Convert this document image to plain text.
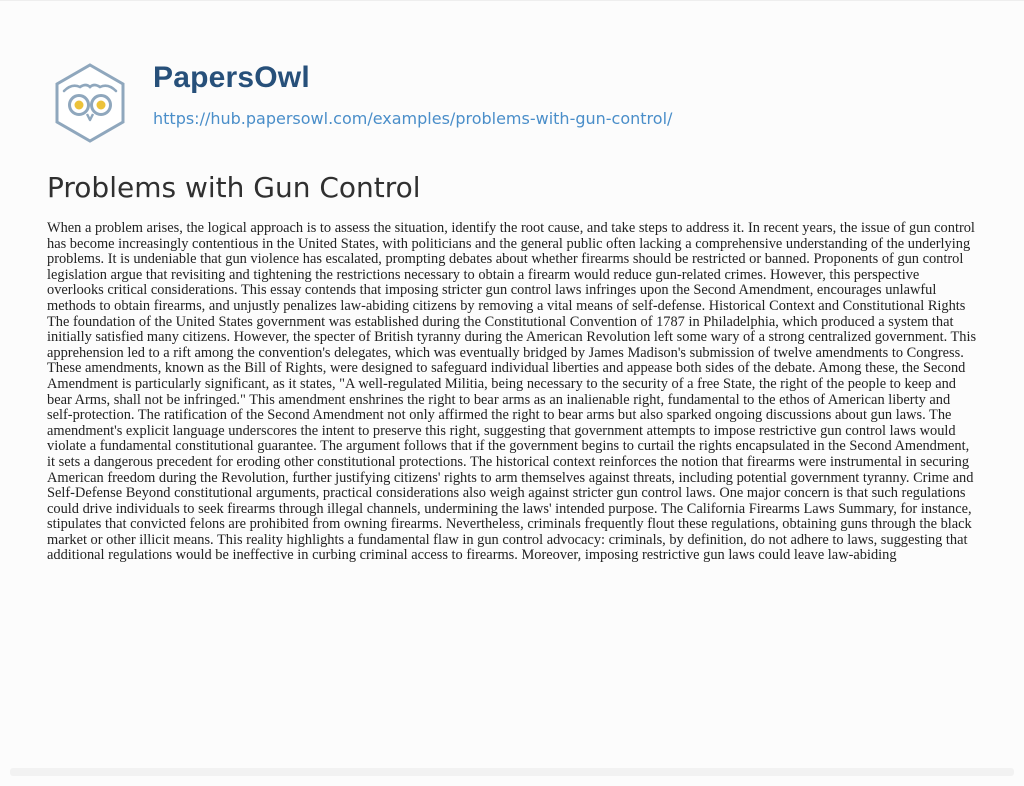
PapersOwl
https://hub.papersowl.com/examples/problems-with-gun-control/
Problems with Gun Control

When a problem arises, the logical approach is to assess the situation, identify the root cause, and take steps to address it. In recent years, the issue of gun control has become increasingly contentious in the United States, with politicians and the general public often lacking a comprehensive understanding of the underlying problems. It is undeniable that gun violence has escalated, prompting debates about whether firearms should be restricted or banned. Proponents of gun control legislation argue that revisiting and tightening the restrictions necessary to obtain a firearm would reduce gun-related crimes. However, this perspective overlooks critical considerations. This essay contends that imposing stricter gun control laws infringes upon the Second Amendment, encourages unlawful methods to obtain firearms, and unjustly penalizes law-abiding citizens by removing a vital means of self-defense. Historical Context and Constitutional Rights The foundation of the United States government was established during the Constitutional Convention of 1787 in Philadelphia, which produced a system that initially satisfied many citizens. However, the specter of British tyranny during the American Revolution left some wary of a strong centralized government. This apprehension led to a rift among the convention's delegates, which was eventually bridged by James Madison's submission of twelve amendments to Congress. These amendments, known as the Bill of Rights, were designed to safeguard individual liberties and appease both sides of the debate. Among these, the Second Amendment is particularly significant, as it states, "A well-regulated Militia, being necessary to the security of a free State, the right of the people to keep and bear Arms, shall not be infringed." This amendment enshrines the right to bear arms as an inalienable right, fundamental to the ethos of American liberty and self-protection. The ratification of the Second Amendment not only affirmed the right to bear arms but also sparked ongoing discussions about gun laws. The amendment's explicit language underscores the intent to preserve this right, suggesting that government attempts to impose restrictive gun control laws would violate a fundamental constitutional guarantee. The argument follows that if the government begins to curtail the rights encapsulated in the Second Amendment, it sets a dangerous precedent for eroding other constitutional protections. The historical context reinforces the notion that firearms were instrumental in securing American freedom during the Revolution, further justifying citizens' rights to arm themselves against threats, including potential government tyranny. Crime and Self-Defense Beyond constitutional arguments, practical considerations also weigh against stricter gun control laws. One major concern is that such regulations could drive individuals to seek firearms through illegal channels, undermining the laws' intended purpose. The California Firearms Laws Summary, for instance, stipulates that convicted felons are prohibited from owning firearms. Nevertheless, criminals frequently flout these regulations, obtaining guns through the black market or other illicit means. This reality highlights a fundamental flaw in gun control advocacy: criminals, by definition, do not adhere to laws, suggesting that additional regulations would be ineffective in curbing criminal access to firearms. Moreover, imposing restrictive gun laws could leave law-abiding
